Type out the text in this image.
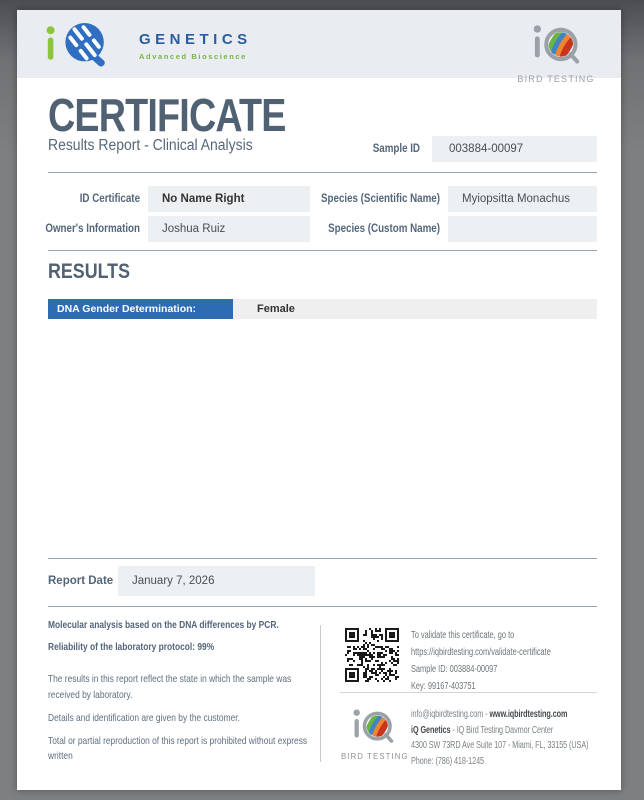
GENETICS
Advanced Bioscience
BIRD TESTING
CERTIFICATE
Results Report - Clinical Analysis	Sample ID	003884-00097
ID Certificate	No Name Right	Species (Scientific Name)	Myiopsitta Monachus
Owner's Information	Joshua Ruiz	Species (Custom Name)
RESULTS
DNA Gender Determination:	Female
Report Date	January 7, 2026

Molecular analysis based on the DNA differences by PCR.

Reliability of the laboratory protocol: 99%

The results in this report reflect the state in which the sample was received by laboratory.

Details and identification are given by the customer.

Total or partial reproduction of this report is prohibited without express written

To validate this certificate, go to
https://iqbirdtesting.com/validate-certificate
Sample ID: 003884-00097
Key: 99167-403751
BIRD TESTING
info@iqbirdtesting.com - www.iqbirdtesting.com
iQ Genetics - IQ Bird Testing Davmor Center
4300 SW 73RD Ave Suite 107 - Miami, FL, 33155 (USA)
Phone: (786) 418-1245
